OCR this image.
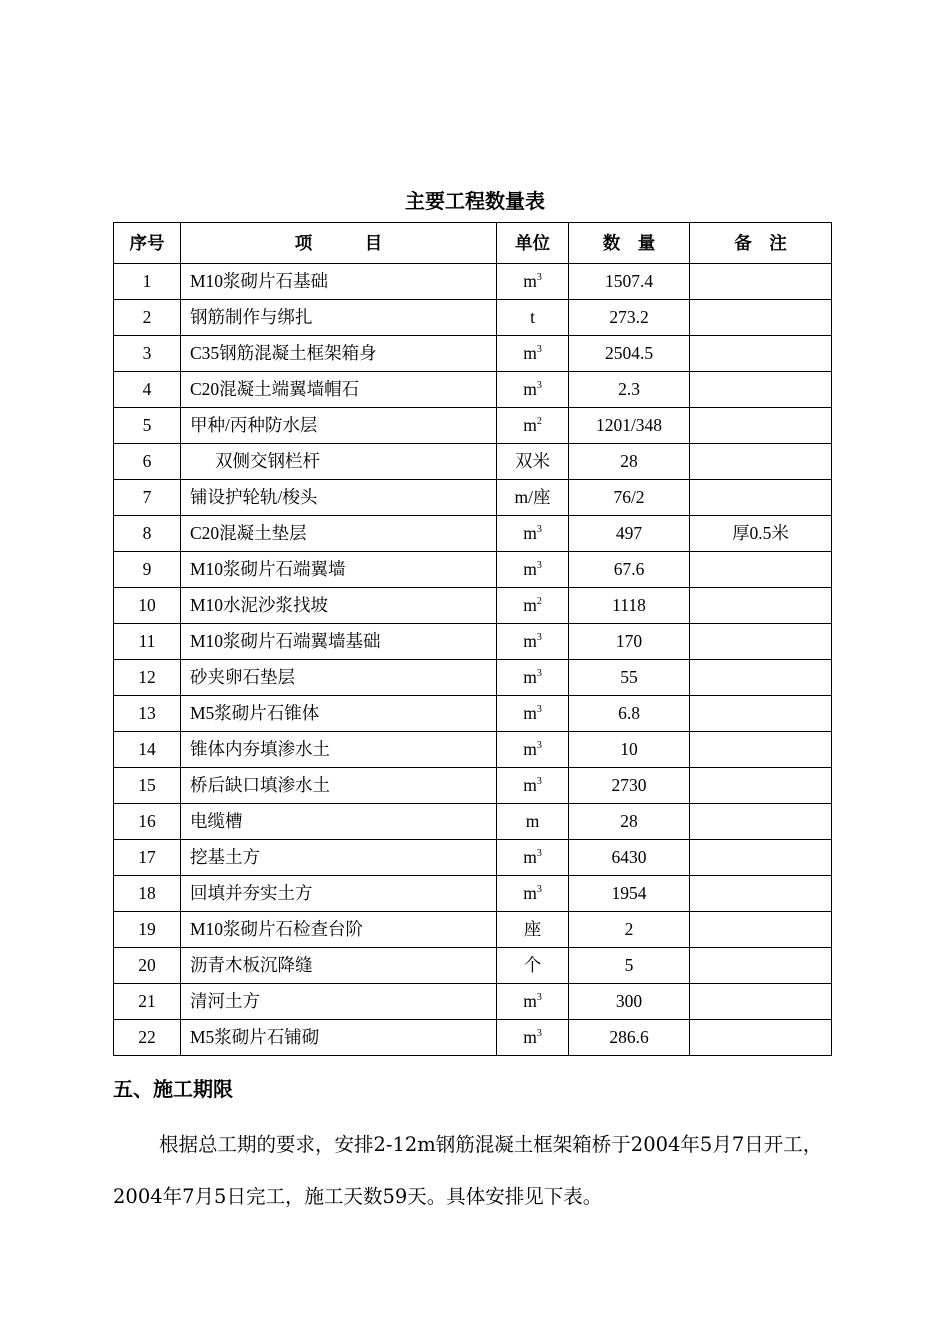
主要工程数量表
序号	项　　　目	单位	数　量	备　注
1	M10浆砌片石基础	$m^3$	1507.4	
2	钢筋制作与绑扎	t	273.2	
3	C35钢筋混凝土框架箱身	$m^3$	2504.5	
4	C20混凝土端翼墙帽石	$m^3$	2.3	
5	甲种/丙种防水层	$m^2$	1201/348	
6	双侧交钢栏杆	双米	28	
7	铺设护轮轨/梭头	m/座	76/2	
8	C20混凝土垫层	$m^3$	497	厚0.5米
9	M10浆砌片石端翼墙	$m^3$	67.6	
10	M10水泥沙浆找坡	$m^2$	1118	
11	M10浆砌片石端翼墙基础	$m^3$	170	
12	砂夹卵石垫层	$m^3$	55	
13	M5浆砌片石锥体	$m^3$	6.8	
14	锥体内夯填渗水土	$m^3$	10	
15	桥后缺口填渗水土	$m^3$	2730	
16	电缆槽	m	28	
17	挖基土方	$m^3$	6430	
18	回填并夯实土方	$m^3$	1954	
19	M10浆砌片石检查台阶	座	2	
20	沥青木板沉降缝	个	5	
21	清河土方	$m^3$	300	
22	M5浆砌片石铺砌	$m^3$	286.6	
五、施工期限
根据总工期的要求，安排2-12m钢筋混凝土框架箱桥于2004年5月7日开工，2004年7月5日完工，施工天数59天。具体安排见下表。
